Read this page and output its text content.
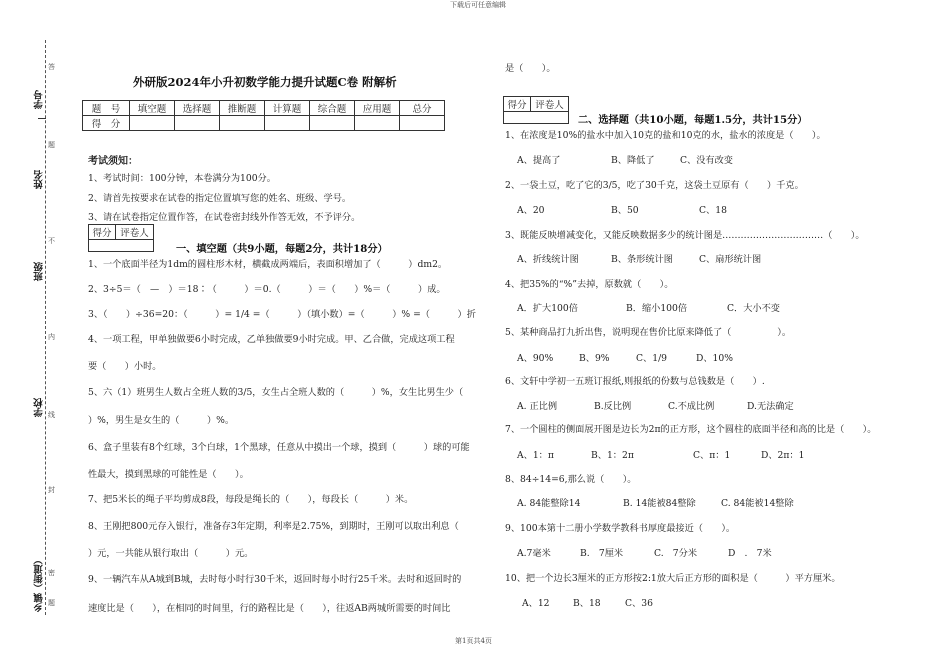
下载后可任意编辑
学号
姓名
班级
学校
乡镇（街道）
答
题
不
内
线
封
密
题
外研版2024年小升初数学能力提升试题C卷 附解析
题　号	填空题	选择题	推断题	计算题	综合题	应用题	总分
得　分							
考试须知：
1、考试时间：100分钟，本卷满分为100分。
2、请首先按要求在试卷的指定位置填写您的姓名、班级、学号。
3、请在试卷指定位置作答，在试卷密封线外作答无效，不予评分。
得分 评卷人
一、填空题（共9小题，每题2分，共计18分）
1、一个底面半径为1dm的圆柱形木材，横截成两端后，表面积增加了（　　　）dm2。
2、3÷5＝（　—　）＝18∶（　　　）＝0.（　　　）＝（　　）%＝（　　　）成。
3、（　　）÷36=20：（　　　）= 1/4 =（　　　）（填小数）=（　　　）% =（　　　）折
4、一项工程，甲单独做要6小时完成，乙单独做要9小时完成。甲、乙合做，完成这项工程
要（　　）小时。
5、六（1）班男生人数占全班人数的3/5，女生占全班人数的（　　　）%，女生比男生少（
）%，男生是女生的（　　　）%。
6、盒子里装有8个红球，3个白球，1个黑球，任意从中摸出一个球，摸到（　　　）球的可能
性最大，摸到黑球的可能性是（　　）。
7、把5米长的绳子平均剪成8段，每段是绳长的（　　），每段长（　　　）米。
8、王刚把800元存入银行，准备存3年定期，利率是2.75%，到期时，王刚可以取出利息（
）元，一共能从银行取出（　　　）元。
9、一辆汽车从A城到B城，去时每小时行30千米，返回时每小时行25千米。去时和返回时的
速度比是（　　），在相同的时间里，行的路程比是（　　），往返AB两城所需要的时间比
是（　　）。
得分 评卷人
二、选择题（共10小题，每题1.5分，共计15分）
1、在浓度是10%的盐水中加入10克的盐和10克的水，盐水的浓度是（　　）。
A、提高了	B、降低了	C、没有改变
2、一袋土豆，吃了它的3/5，吃了30千克，这袋土豆原有（　　）千克。
A、20	B、50	C、18
3、既能反映增减变化，又能反映数据多少的统计图是……………………………（　　）。
A、折线统计图	B、条形统计图	C、扇形统计图
4、把35%的“%”去掉，原数就（　　）。
A．扩大100倍	B．缩小100倍	C．大小不变
5、某种商品打九折出售，说明现在售价比原来降低了（　　　　　）。
A、90%	B、9%	C、1/9	D、10%
6、文轩中学初一五班订报纸,则报纸的份数与总钱数是（　　）.
A. 正比例	B.反比例	C.不成比例	D.无法确定
7、一个圆柱的侧面展开图是边长为2π的正方形，这个圆柱的底面半径和高的比是（　　）。
A、1：π	B、1：2π	C、π：1	D、2π：1
8、84÷14=6,那么说（　　）。
A. 84能整除14	B. 14能被84整除	C. 84能被14整除
9、100本第十二册小学数学教科书厚度最接近（　　）。
A.7毫米	B.　7厘米	C.　7分米	D　.　7米
10、把一个边长3厘米的正方形按2:1放大后正方形的面积是（　　　）平方厘米。
A、12	B、18	C、36
第1页共4页
